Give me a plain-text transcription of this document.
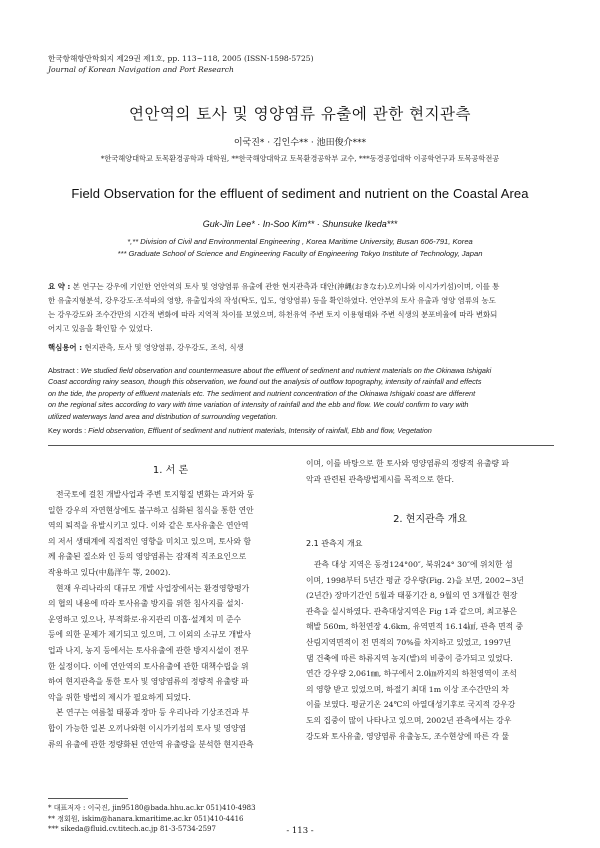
한국항해항만학회지 제29권 제1호, pp. 113~118, 2005 (ISSN-1598-5725)
Journal of Korean Navigation and Port Research
연안역의 토사 및 영양염류 유출에 관한 현지관측
이국진* · 김인수** · 池田俊介***
*한국해양대학교 토목환경공학과 대학원, **한국해양대학교 토목환경공학부 교수, ***동경공업대학 이공학연구과 토목공학전공
Field Observation for the effluent of sediment and nutrient on the Coastal Area
Guk-Jin Lee* · In-Soo Kim** · Shunsuke Ikeda***
*,** Division of Civil and Environmental Engineering , Korea Maritime University, Busan 606-791, Korea
*** Graduate School of Science and Engineering Faculty of Engineering Tokyo Institute of Technology, Japan
요 약 : 본 연구는 강우에 기인한 연안역의 토사 및 영양염류 유출에 관한 현지관측과 대안(沖縄(おきなわ)오끼나와 이시가키섬)이며, 이를 통
한 유출지형분석, 강우강도·조석파의 영향, 유출입자의 작성(탁도, 입도, 영양염류) 등을 확인하였다. 연안부의 토사 유출과 영양 염류의 농도
는 강우강도와 조수간만의 시간적 변화에 따라 지역적 차이를 보였으며, 하천유역 주변 토지 이용형태와 주변 식생의 분포비율에 따라 변화되
어지고 있음을 확인할 수 있었다.
핵심용어 : 현지관측, 토사 및 영양염류, 강우강도, 조석, 식생
Abstract : We studied field observation and countermeasure about the effluent of sediment and nutrient materials on the Okinawa Ishigaki
Coast according rainy season, though this observation, we found out the analysis of outflow topography, intensity of rainfall and effects
on the tide, the property of effluent materials etc. The sediment and nutrient concentration of the Okinawa Ishigaki coast are different
on the regional sites according to vary with time variation of intensity of rainfall and the ebb and flow. We could confirm to vary with
utilized waterways land area and distribution of surrounding vegetation.
Key words : Field observation, Effluent of sediment and nutrient materials, Intensity of rainfall, Ebb and flow, Vegetation
1. 서 론
전국토에 걸친 개발사업과 주변 토지형질 변화는 과거와 동
일한 강우의 자연현상에도 불구하고 심화된 침식을 통한 연안
역의 퇴적을 유발시키고 있다. 이와 같은 토사유출은 연안역
의 저서 생태계에 직접적인 영향을 미치고 있으며, 토사와 함
께 유출된 질소와 인 등의 영양염류는 잠재적 직조요인으로
작용하고 있다(中島洋午 等, 2002).
현재 우리나라의 대규모 개발 사업장에서는 환경영향평가
의 협의 내용에 따라 토사유출 방지를 위한 침사지를 설치·
운영하고 있으나, 부적화로·유지관리 미흡·설계치 미 준수
등에 의한 문제가 제기되고 있으며, 그 이외의 소규모 개발사
업과 나지, 농지 등에서는 토사유출에 관한 방지시설이 전무
한 실정이다. 이에 연안역의 토사유출에 관한 대책수립을 위
하여 현지관측을 통한 토사 및 영양염류의 정량적 유출량 파
악을 위한 방법의 제시가 필요하게 되었다.
본 연구는 여름철 태풍과 장마 등 우리나라 기상조건과 부
합이 가능한 일본 오끼나와현 이시가키섬의 토사 및 영양염
류의 유출에 관한 정량화된 연안역 유출량을 분석한 현지관측
이며, 이를 바탕으로 한 토사와 영양염류의 정량적 유출량 파
악과 관련된 관측방법제시를 목적으로 한다.
2. 현지관측 개요
2.1 관측지 개요
관측 대상 지역은 동경124°00″, 북위24° 30″에 위치한 섬
이며, 1998부터 5년간 평균 강우량(Fig. 2)을 보면, 2002~3년
(2년간) 장마기간인 5월과 태풍기간 8, 9월의 연 3개월간 현장
관측을 실시하였다. 관측대상지역은 Fig 1과 같으며, 최고봉은
해발 560m, 하천연장 4.6km, 유역면적 16.14㎢, 관측 면적 중
산림지역면적이 전 면적의 70%를 차지하고 있었고, 1997년
댐 건축에 따른 하류지역 농지(밭)의 비중이 증가되고 있었다.
연간 강우량 2,061㎜, 하구에서 2.0㎞까지의 하천영역이 조석
의 영향 받고 있었으며, 하절기 최대 1m 이상 조수간만의 차
이를 보였다. 평균기온 24℃의 아열대성기후로 국지적 강우강
도의 집중이 많이 나타나고 있으며, 2002년 관측에서는 강우
강도와 토사유출, 영양염류 유출농도, 조수현상에 따른 각 물
* 대표저자 : 이국진, jin95180@bada.hhu.ac.kr 051)410-4983
** 정회원, iskim@hanara.kmaritime.ac.kr 051)410-4416
*** sikeda@fluid.cv.titech.ac.jp 81-3-5734-2597	- 113 -
